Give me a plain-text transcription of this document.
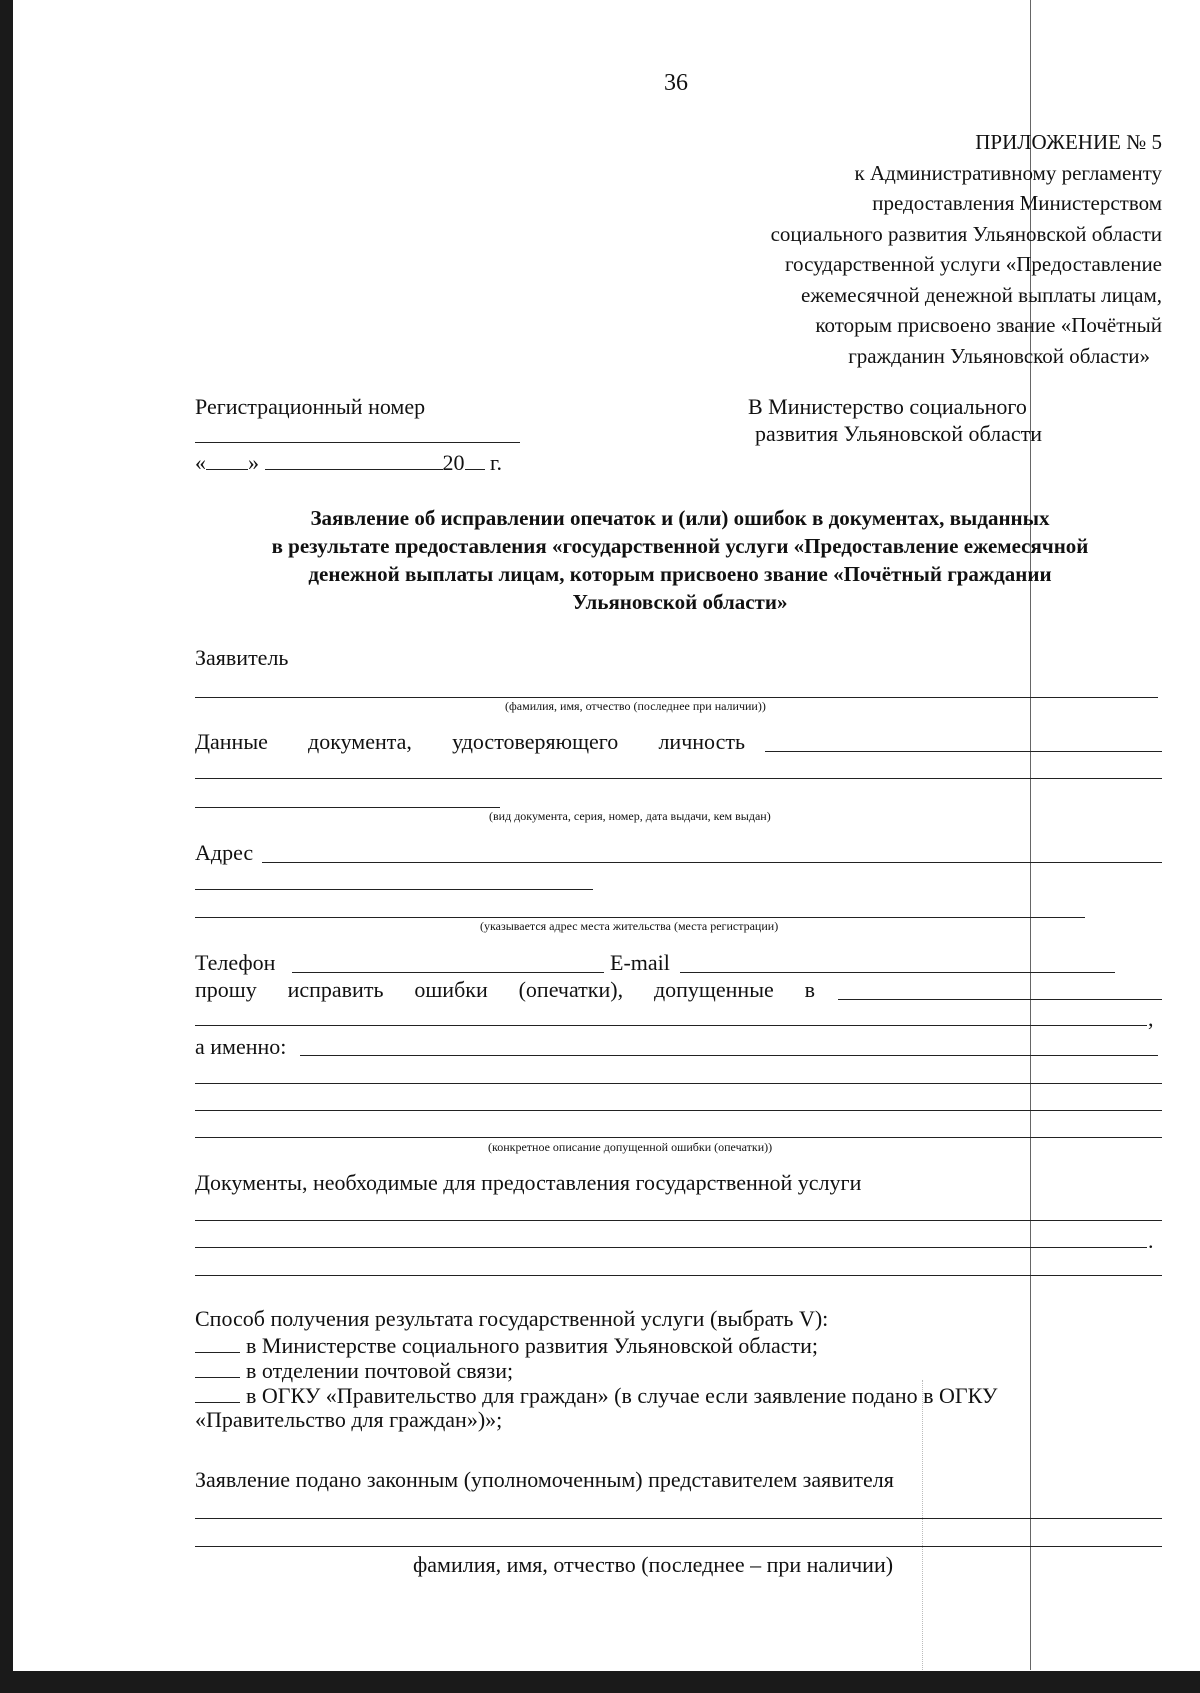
36
ПРИЛОЖЕНИЕ № 5
к Административному регламенту
предоставления Министерством
социального развития Ульяновской области
государственной услуги «Предоставление
ежемесячной денежной выплаты лицам,
которым присвоено звание «Почётный
гражданин Ульяновской области»
Регистрационный номер
« »	20 г.
В Министерство социального
развития Ульяновской области
Заявление об исправлении опечаток и (или) ошибок в документах, выданных
в результате предоставления «государственной услуги «Предоставление ежемесячной
денежной выплаты лицам, которым присвоено звание «Почётный граждании
Ульяновской области»
Заявитель
(фамилия, имя, отчество (последнее при наличии))
Данные документа, удостоверяющего личность
(вид документа, серия, номер, дата выдачи, кем выдан)
Адрес
(указывается адрес места жительства (места регистрации)
Телефон	E-mail
прошу исправить ошибки (опечатки), допущенные в
,
а именно:
(конкретное описание допущенной ошибки (опечатки))
Документы, необходимые для предоставления государственной услуги
.
Способ получения результата государственной услуги (выбрать V):
в Министерстве социального развития Ульяновской области;
в отделении почтовой связи;
в ОГКУ «Правительство для граждан» (в случае если заявление подано в ОГКУ
«Правительство для граждан»)»;
Заявление подано законным (уполномоченным) представителем заявителя
фамилия, имя, отчество (последнее – при наличии)
